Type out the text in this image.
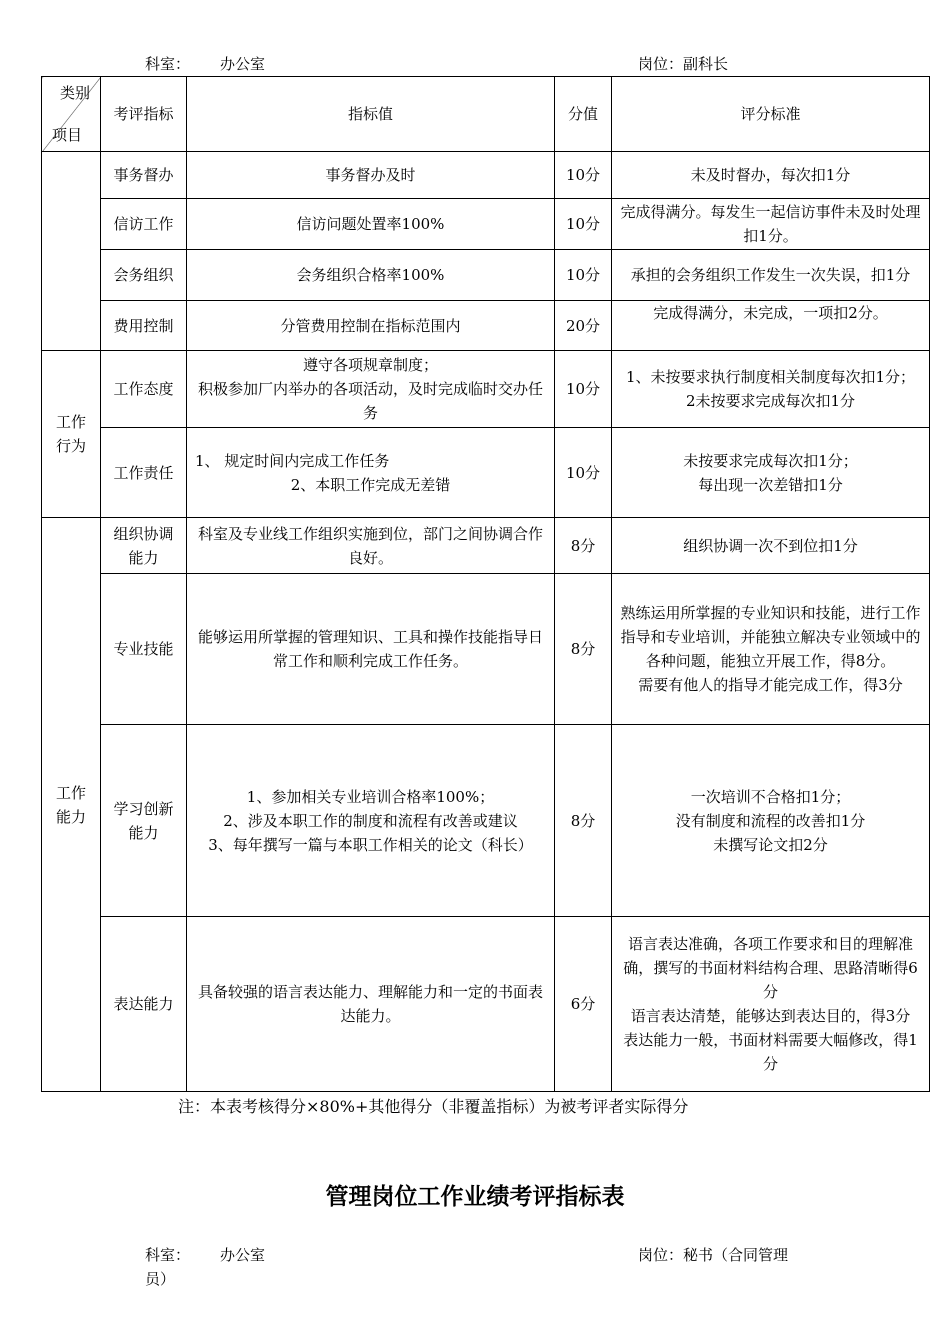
科室： 办公室	岗位：副科长
类别
项目	考评指标	指标值	分值	评分标准
	事务督办	事务督办及时	10分	未及时督办，每次扣1分

	信访工作	信访问题处置率100%	10分	完成得满分。每发生一起信访事件未及时处理扣1分。

	会务组织	会务组织合格率100%	10分	承担的会务组织工作发生一次失误，扣1分

	费用控制	分管费用控制在指标范围内	20分	完成得满分，未完成，一项扣2分。

工作行为	工作态度	遵守各项规章制度；
积极参加厂内举办的各项活动，及时完成临时交办任务	10分	1、未按要求执行制度相关制度每次扣1分；
2未按要求完成每次扣1分

	工作责任	1、 规定时间内完成工作任务
2、本职工作完成无差错	10分	未按要求完成每次扣1分；
每出现一次差错扣1分

工作能力	组织协调能力	科室及专业线工作组织实施到位，部门之间协调合作良好。	8分	组织协调一次不到位扣1分

	专业技能	能够运用所掌握的管理知识、工具和操作技能指导日常工作和顺利完成工作任务。	8分	熟练运用所掌握的专业知识和技能，进行工作指导和专业培训，并能独立解决专业领域中的各种问题，能独立开展工作，得8分。
需要有他人的指导才能完成工作，得3分

	学习创新能力	1、参加相关专业培训合格率100%；
2、涉及本职工作的制度和流程有改善或建议
3、每年撰写一篇与本职工作相关的论文（科长）	8分	一次培训不合格扣1分；
没有制度和流程的改善扣1分
未撰写论文扣2分

	表达能力	具备较强的语言表达能力、理解能力和一定的书面表达能力。	6分	语言表达准确，各项工作要求和目的理解准确，撰写的书面材料结构合理、思路清晰得6分
语言表达清楚，能够达到表达目的，得3分
表达能力一般，书面材料需要大幅修改，得1分
注：本表考核得分×80%+其他得分（非覆盖指标）为被考评者实际得分
管理岗位工作业绩考评指标表
科室： 办公室	岗位：秘书（合同管理
员）
